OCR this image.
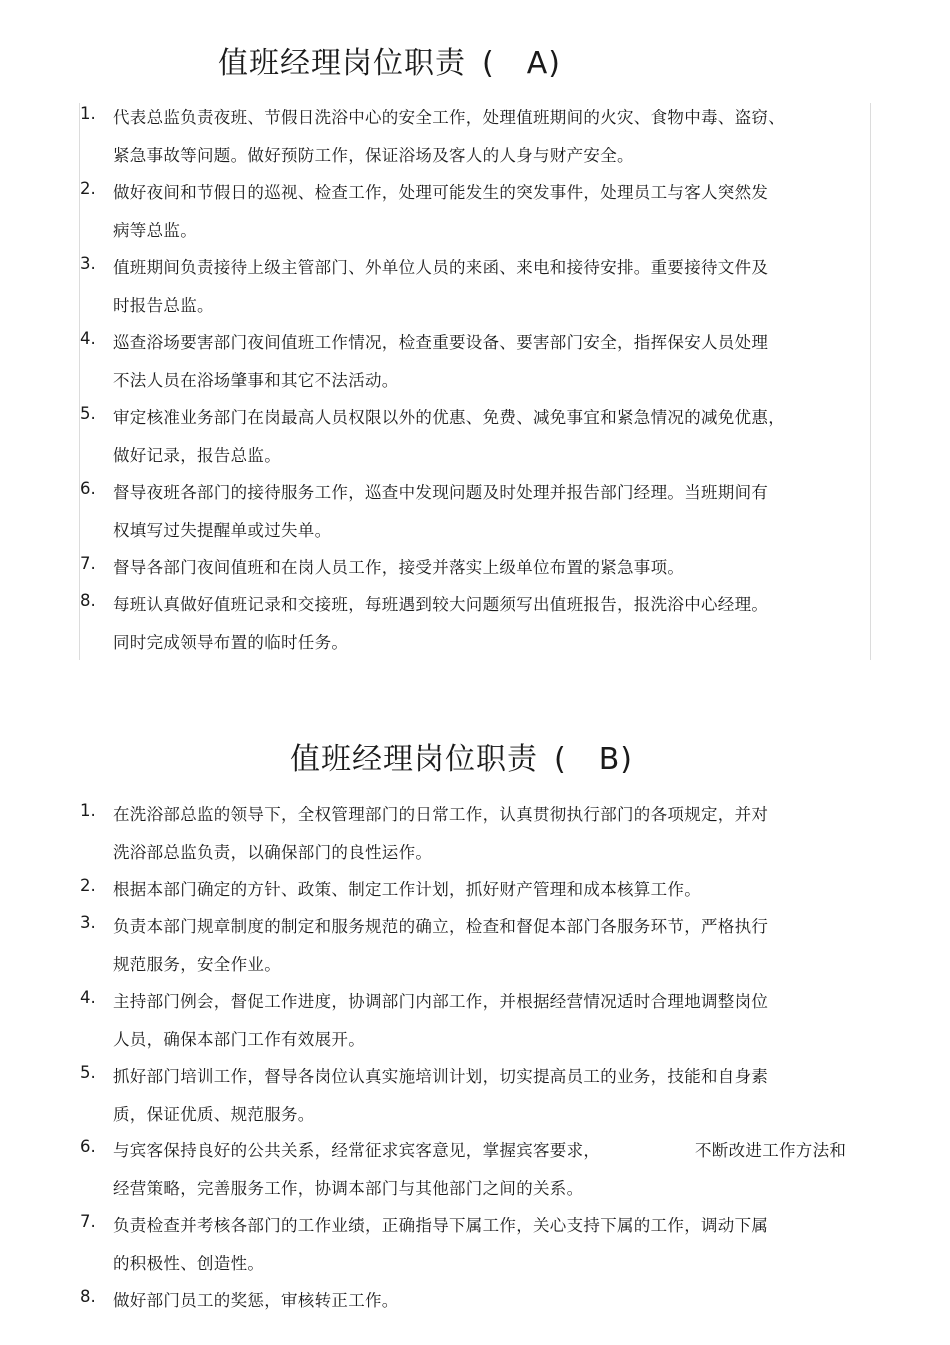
值班经理岗位职责 ( A)
1.	代表总监负责夜班、节假日洗浴中心的安全工作，处理值班期间的火灾、食物中毒、盗窃、
紧急事故等问题。做好预防工作，保证浴场及客人的人身与财产安全。
2.	做好夜间和节假日的巡视、检查工作，处理可能发生的突发事件，处理员工与客人突然发
病等总监。
3.	值班期间负责接待上级主管部门、外单位人员的来函、来电和接待安排。重要接待文件及
时报告总监。
4.	巡查浴场要害部门夜间值班工作情况，检查重要设备、要害部门安全，指挥保安人员处理
不法人员在浴场肇事和其它不法活动。
5.	审定核准业务部门在岗最高人员权限以外的优惠、免费、减免事宜和紧急情况的减免优惠，
做好记录，报告总监。
6.	督导夜班各部门的接待服务工作，巡查中发现问题及时处理并报告部门经理。当班期间有
权填写过失提醒单或过失单。
7.	督导各部门夜间值班和在岗人员工作，接受并落实上级单位布置的紧急事项。
8.	每班认真做好值班记录和交接班，每班遇到较大问题须写出值班报告，报洗浴中心经理。
同时完成领导布置的临时任务。
值班经理岗位职责 ( B)
1.	在洗浴部总监的领导下，全权管理部门的日常工作，认真贯彻执行部门的各项规定，并对
洗浴部总监负责，以确保部门的良性运作。
2.	根据本部门确定的方针、政策、制定工作计划，抓好财产管理和成本核算工作。
3.	负责本部门规章制度的制定和服务规范的确立，检查和督促本部门各服务环节，严格执行
规范服务，安全作业。
4.	主持部门例会，督促工作进度，协调部门内部工作，并根据经营情况适时合理地调整岗位
人员，确保本部门工作有效展开。
5.	抓好部门培训工作，督导各岗位认真实施培训计划，切实提高员工的业务，技能和自身素
质，保证优质、规范服务。
6.	与宾客保持良好的公共关系，经常征求宾客意见，掌握宾客要求，	不断改进工作方法和
经营策略，完善服务工作，协调本部门与其他部门之间的关系。
7.	负责检查并考核各部门的工作业绩，正确指导下属工作，关心支持下属的工作，调动下属
的积极性、创造性。
8.	做好部门员工的奖惩，审核转正工作。
